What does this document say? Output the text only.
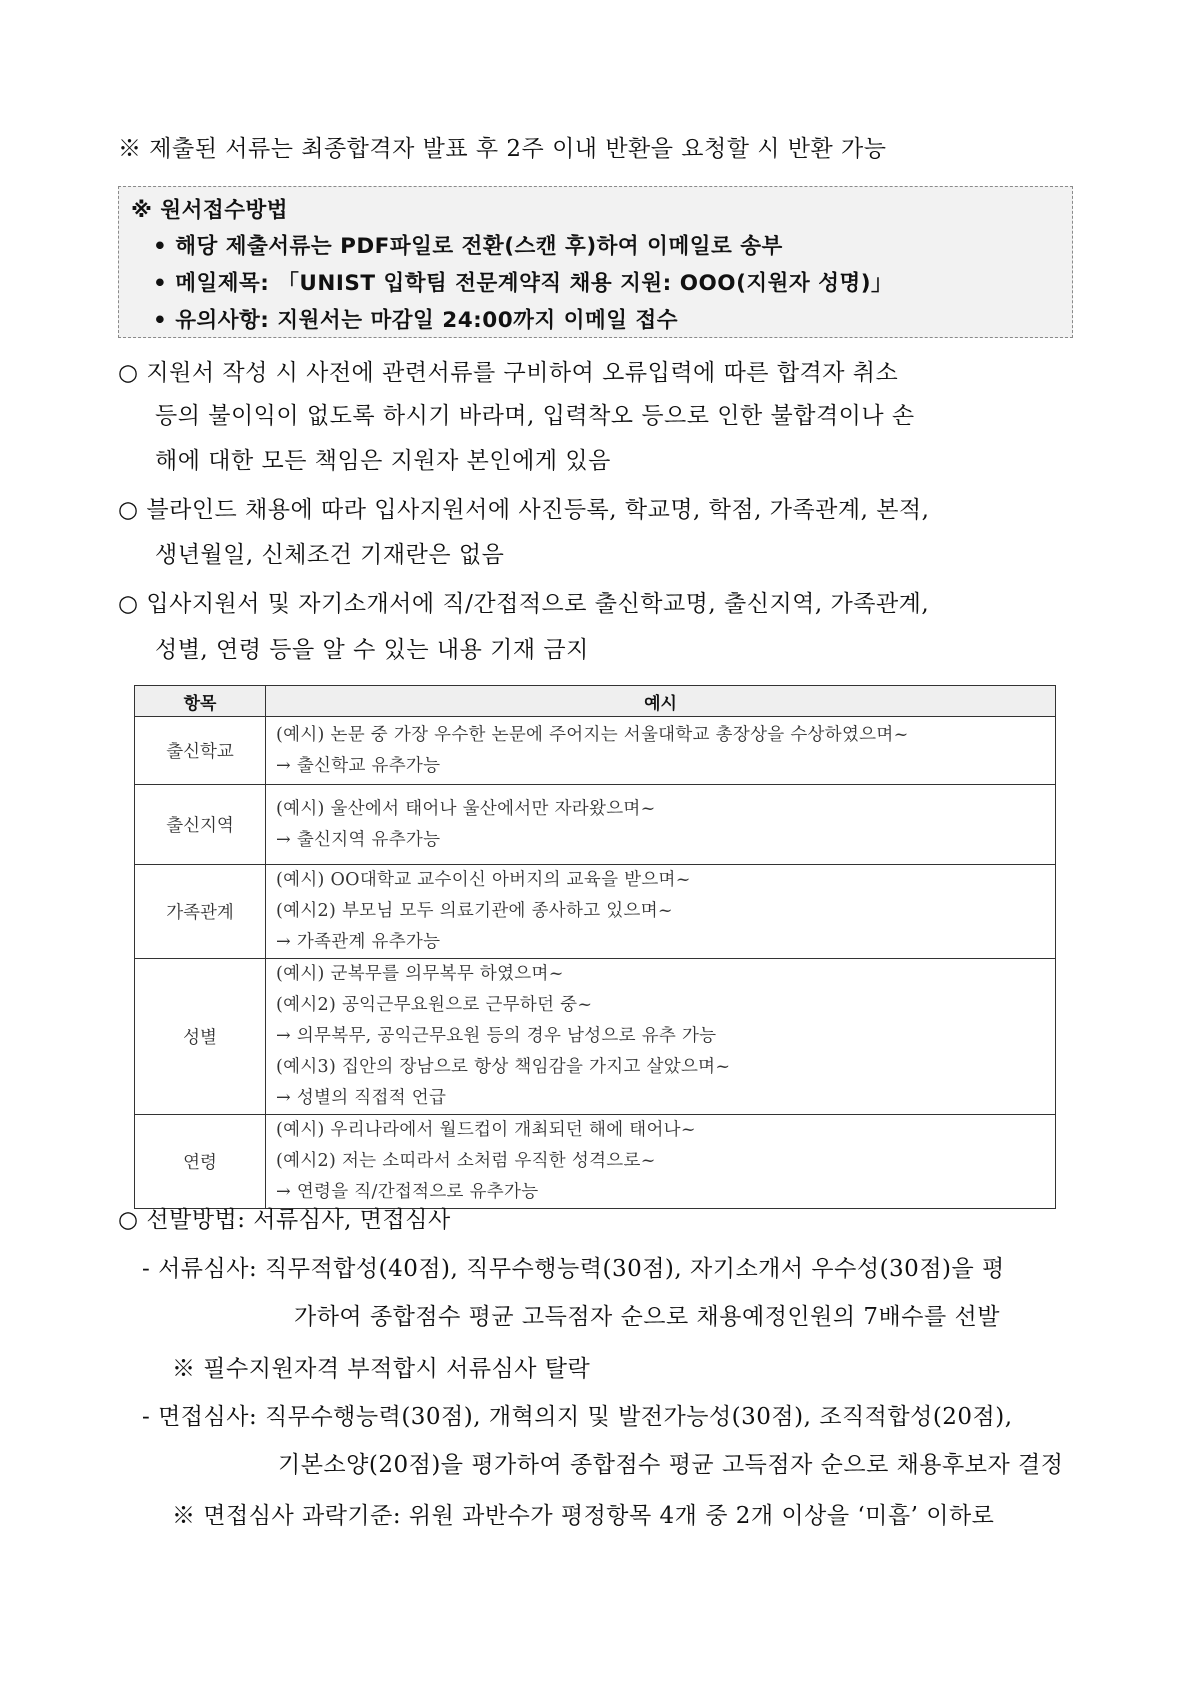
※ 제출된 서류는 최종합격자 발표 후 2주 이내 반환을 요청할 시 반환 가능
※ 원서접수방법
• 해당 제출서류는 PDF파일로 전환(스캔 후)하여 이메일로 송부
• 메일제목: 「UNIST 입학팀 전문계약직 채용 지원: OOO(지원자 성명)」
• 유의사항: 지원서는 마감일 24:00까지 이메일 접수
○ 지원서 작성 시 사전에 관련서류를 구비하여 오류입력에 따른 합격자 취소
등의 불이익이 없도록 하시기 바라며, 입력착오 등으로 인한 불합격이나 손
해에 대한 모든 책임은 지원자 본인에게 있음
○ 블라인드 채용에 따라 입사지원서에 사진등록, 학교명, 학점, 가족관계, 본적,
생년월일, 신체조건 기재란은 없음
○ 입사지원서 및 자기소개서에 직/간접적으로 출신학교명, 출신지역, 가족관계,
성별, 연령 등을 알 수 있는 내용 기재 금지
항목	예시
출신학교	(예시) 논문 중 가장 우수한 논문에 주어지는 서울대학교 총장상을 수상하였으며~
→ 출신학교 유추가능

출신지역	(예시) 울산에서 태어나 울산에서만 자라왔으며~
→ 출신지역 유추가능

가족관계	(예시) OO대학교 교수이신 아버지의 교육을 받으며~
(예시2) 부모님 모두 의료기관에 종사하고 있으며~
→ 가족관계 유추가능

성별	(예시) 군복무를 의무복무 하였으며~
(예시2) 공익근무요원으로 근무하던 중~
→ 의무복무, 공익근무요원 등의 경우 남성으로 유추 가능
(예시3) 집안의 장남으로 항상 책임감을 가지고 살았으며~
→ 성별의 직접적 언급

연령	(예시) 우리나라에서 월드컵이 개최되던 해에 태어나~
(예시2) 저는 소띠라서 소처럼 우직한 성격으로~
→ 연령을 직/간접적으로 유추가능
○ 선발방법: 서류심사, 면접심사
- 서류심사: 직무적합성(40점), 직무수행능력(30점), 자기소개서 우수성(30점)을 평
가하여 종합점수 평균 고득점자 순으로 채용예정인원의 7배수를 선발
※ 필수지원자격 부적합시 서류심사 탈락
- 면접심사: 직무수행능력(30점), 개혁의지 및 발전가능성(30점), 조직적합성(20점),
기본소양(20점)을 평가하여 종합점수 평균 고득점자 순으로 채용후보자 결정
※ 면접심사 과락기준: 위원 과반수가 평정항목 4개 중 2개 이상을 ‘미흡’ 이하로
